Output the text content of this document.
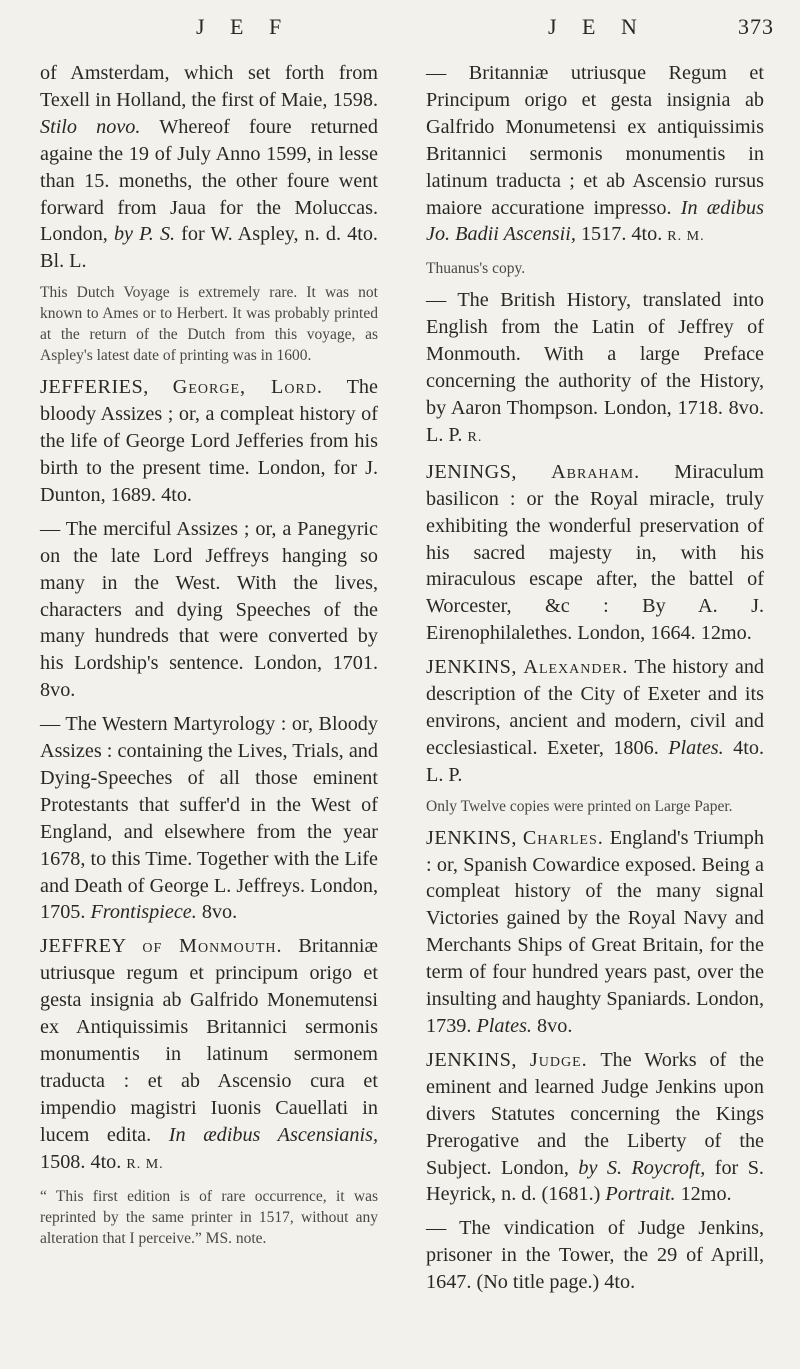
J E F	J E N	373

of Amsterdam, which set forth from Texell in Holland, the first of Maie, 1598. Stilo novo. Whereof foure returned againe the 19 of July Anno 1599, in lesse than 15. moneths, the other foure went forward from Jaua for the Moluccas. London, by P. S. for W. Aspley, n. d. 4to. Bl. L.

This Dutch Voyage is extremely rare. It was not known to Ames or to Herbert. It was probably printed at the return of the Dutch from this voyage, as Aspley's latest date of printing was in 1600.

JEFFERIES, George, Lord. The bloody Assizes ; or, a compleat history of the life of George Lord Jefferies from his birth to the present time. London, for J. Dunton, 1689. 4to.

— The merciful Assizes ; or, a Panegyric on the late Lord Jeffreys hanging so many in the West. With the lives, characters and dying Speeches of the many hundreds that were converted by his Lordship's sentence. London, 1701. 8vo.

— The Western Martyrology : or, Bloody Assizes : containing the Lives, Trials, and Dying-Speeches of all those eminent Protestants that suffer'd in the West of England, and elsewhere from the year 1678, to this Time. Together with the Life and Death of George L. Jeffreys. London, 1705. Frontispiece. 8vo.

JEFFREY of Monmouth. Britanniæ utriusque regum et principum origo et gesta insignia ab Galfrido Monemutensi ex Antiquissimis Britannici sermonis monumentis in latinum sermonem traducta : et ab Ascensio cura et impendio magistri Iuonis Cauellati in lucem edita. In ædibus Ascensianis, 1508. 4to. R. M.

“ This first edition is of rare occurrence, it was reprinted by the same printer in 1517, without any alteration that I perceive.” MS. note.

— Britanniæ utriusque Regum et Principum origo et gesta insignia ab Galfrido Monumetensi ex antiquissimis Britannici sermonis monumentis in latinum traducta ; et ab Ascensio rursus maiore accuratione impresso. In ædibus Jo. Badii Ascensii, 1517. 4to. R. M.

Thuanus's copy.

— The British History, translated into English from the Latin of Jeffrey of Monmouth. With a large Preface concerning the authority of the History, by Aaron Thompson. London, 1718. 8vo. L. P. R.

JENINGS, Abraham. Miraculum basilicon : or the Royal miracle, truly exhibiting the wonderful preservation of his sacred majesty in, with his miraculous escape after, the battel of Worcester, &c : By A. J. Eirenophilalethes. London, 1664. 12mo.

JENKINS, Alexander. The history and description of the City of Exeter and its environs, ancient and modern, civil and ecclesiastical. Exeter, 1806. Plates. 4to. L. P.

Only Twelve copies were printed on Large Paper.

JENKINS, Charles. England's Triumph : or, Spanish Cowardice exposed. Being a compleat history of the many signal Victories gained by the Royal Navy and Merchants Ships of Great Britain, for the term of four hundred years past, over the insulting and haughty Spaniards. London, 1739. Plates. 8vo.

JENKINS, Judge. The Works of the eminent and learned Judge Jenkins upon divers Statutes concerning the Kings Prerogative and the Liberty of the Subject. London, by S. Roycroft, for S. Heyrick, n. d. (1681.) Portrait. 12mo.

— The vindication of Judge Jenkins, prisoner in the Tower, the 29 of Aprill, 1647. (No title page.) 4to.
